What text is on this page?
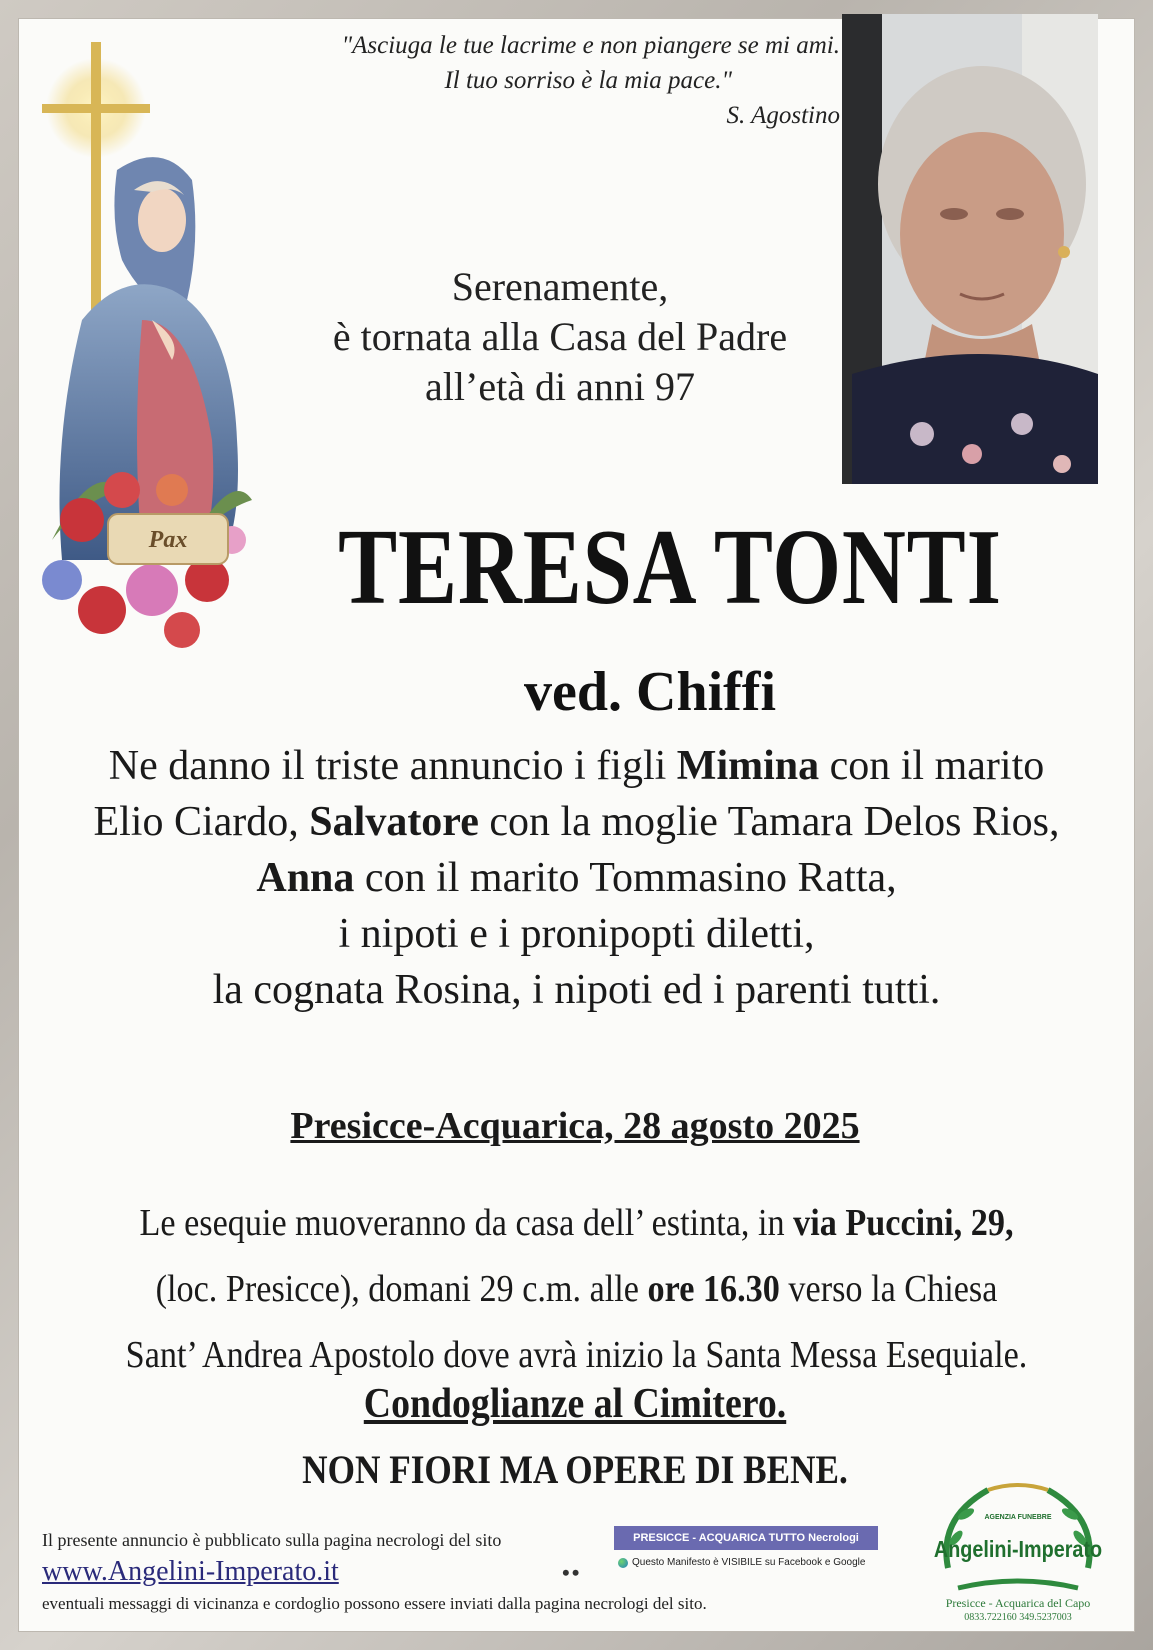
Pax
"Asciuga le tue lacrime e non piangere se mi ami.
Il tuo sorriso è la mia pace."
S. Agostino
Serenamente,
è tornata alla Casa del Padre
all’età di anni 97
TERESA TONTI
ved. Chiffi
Ne danno il triste annuncio i figli Mimina con il marito
Elio Ciardo, Salvatore con la moglie Tamara Delos Rios,
Anna con il marito Tommasino Ratta,
i nipoti e i pronipopti diletti,
la cognata Rosina, i nipoti ed i parenti tutti.
Presicce-Acquarica, 28 agosto 2025
Le esequie muoveranno da casa dell’ estinta, in via Puccini, 29,
(loc. Presicce), domani 29 c.m. alle ore 16.30 verso la Chiesa
Sant’ Andrea Apostolo dove avrà inizio la Santa Messa Esequiale.
Condoglianze al Cimitero.
NON FIORI MA OPERE DI BENE.
Il presente annuncio è pubblicato sulla pagina necrologi del sito
www.Angelini-Imperato.it	••
eventuali messaggi di vicinanza e cordoglio possono essere inviati dalla pagina necrologi del sito.
PRESICCE - ACQUARICA TUTTO Necrologi
Questo Manifesto è VISIBILE su Facebook e Google
AGENZIA FUNEBRE
Angelini-Imperato
Presicce - Acquarica del Capo
0833.722160 349.5237003
